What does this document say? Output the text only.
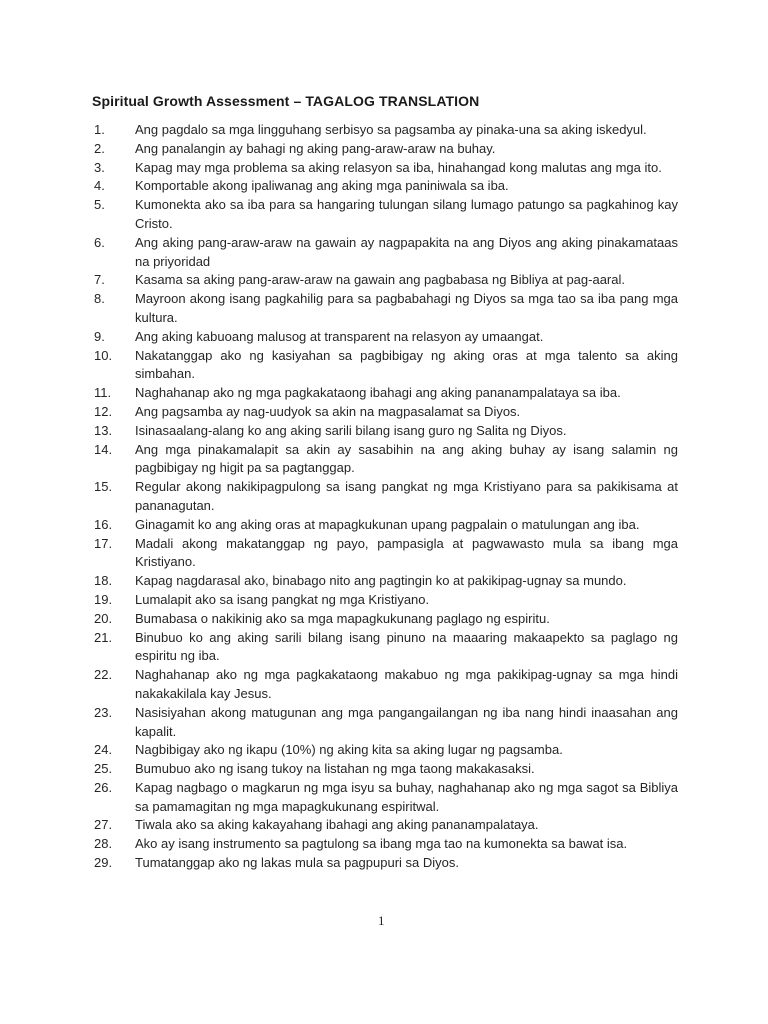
Spiritual Growth Assessment – TAGALOG TRANSLATION
1.	Ang pagdalo sa mga lingguhang serbisyo sa pagsamba ay pinaka-una sa aking iskedyul.
2.	Ang panalangin ay bahagi ng aking pang-araw-araw na buhay.
3.	Kapag may mga problema sa aking relasyon sa iba, hinahangad kong malutas ang mga ito.
4.	Komportable akong ipaliwanag ang aking mga paniniwala sa iba.
5.	Kumonekta ako sa iba para sa hangaring tulungan silang lumago patungo sa pagkahinog kay Cristo.
6.	Ang aking pang-araw-araw na gawain ay nagpapakita na ang Diyos ang aking pinakamataas na priyoridad
7.	Kasama sa aking pang-araw-araw na gawain ang pagbabasa ng Bibliya at pag-aaral.
8.	Mayroon akong isang pagkahilig para sa pagbabahagi ng Diyos sa mga tao sa iba pang mga kultura.
9.	Ang aking kabuoang malusog at transparent na relasyon ay umaangat.
10.	Nakatanggap ako ng kasiyahan sa pagbibigay ng aking oras at mga talento sa aking simbahan.
11.	Naghahanap ako ng mga pagkakataong ibahagi ang aking pananampalataya sa iba.
12.	Ang pagsamba ay nag-uudyok sa akin na magpasalamat sa Diyos.
13.	Isinasaalang-alang ko ang aking sarili bilang isang guro ng Salita ng Diyos.
14.	Ang mga pinakamalapit sa akin ay sasabihin na ang aking buhay ay isang salamin ng pagbibigay ng higit pa sa pagtanggap.
15.	Regular akong nakikipagpulong sa isang pangkat ng mga Kristiyano para sa pakikisama at pananagutan.
16.	Ginagamit ko ang aking oras at mapagkukunan upang pagpalain o matulungan ang iba.
17.	Madali akong makatanggap ng payo, pampasigla at pagwawasto mula sa ibang mga Kristiyano.
18.	Kapag nagdarasal ako, binabago nito ang pagtingin ko at pakikipag-ugnay sa mundo.
19.	Lumalapit ako sa isang pangkat ng mga Kristiyano.
20.	Bumabasa o nakikinig ako sa mga mapagkukunang paglago ng espiritu.
21.	Binubuo ko ang aking sarili bilang isang pinuno na maaaring makaapekto sa paglago ng espiritu ng iba.
22.	Naghahanap ako ng mga pagkakataong makabuo ng mga pakikipag-ugnay sa mga hindi nakakakilala kay Jesus.
23.	Nasisiyahan akong matugunan ang mga pangangailangan ng iba nang hindi inaasahan ang kapalit.
24.	Nagbibigay ako ng ikapu (10%) ng aking kita sa aking lugar ng pagsamba.
25.	Bumubuo ako ng isang tukoy na listahan ng mga taong makakasaksi.
26.	Kapag nagbago o magkarun ng mga isyu sa buhay, naghahanap ako ng mga sagot sa Bibliya sa pamamagitan ng mga mapagkukunang espiritwal.
27.	Tiwala ako sa aking kakayahang ibahagi ang aking pananampalataya.
28.	Ako ay isang instrumento sa pagtulong sa ibang mga tao na kumonekta sa bawat isa.
29.	Tumatanggap ako ng lakas mula sa pagpupuri sa Diyos.
1
